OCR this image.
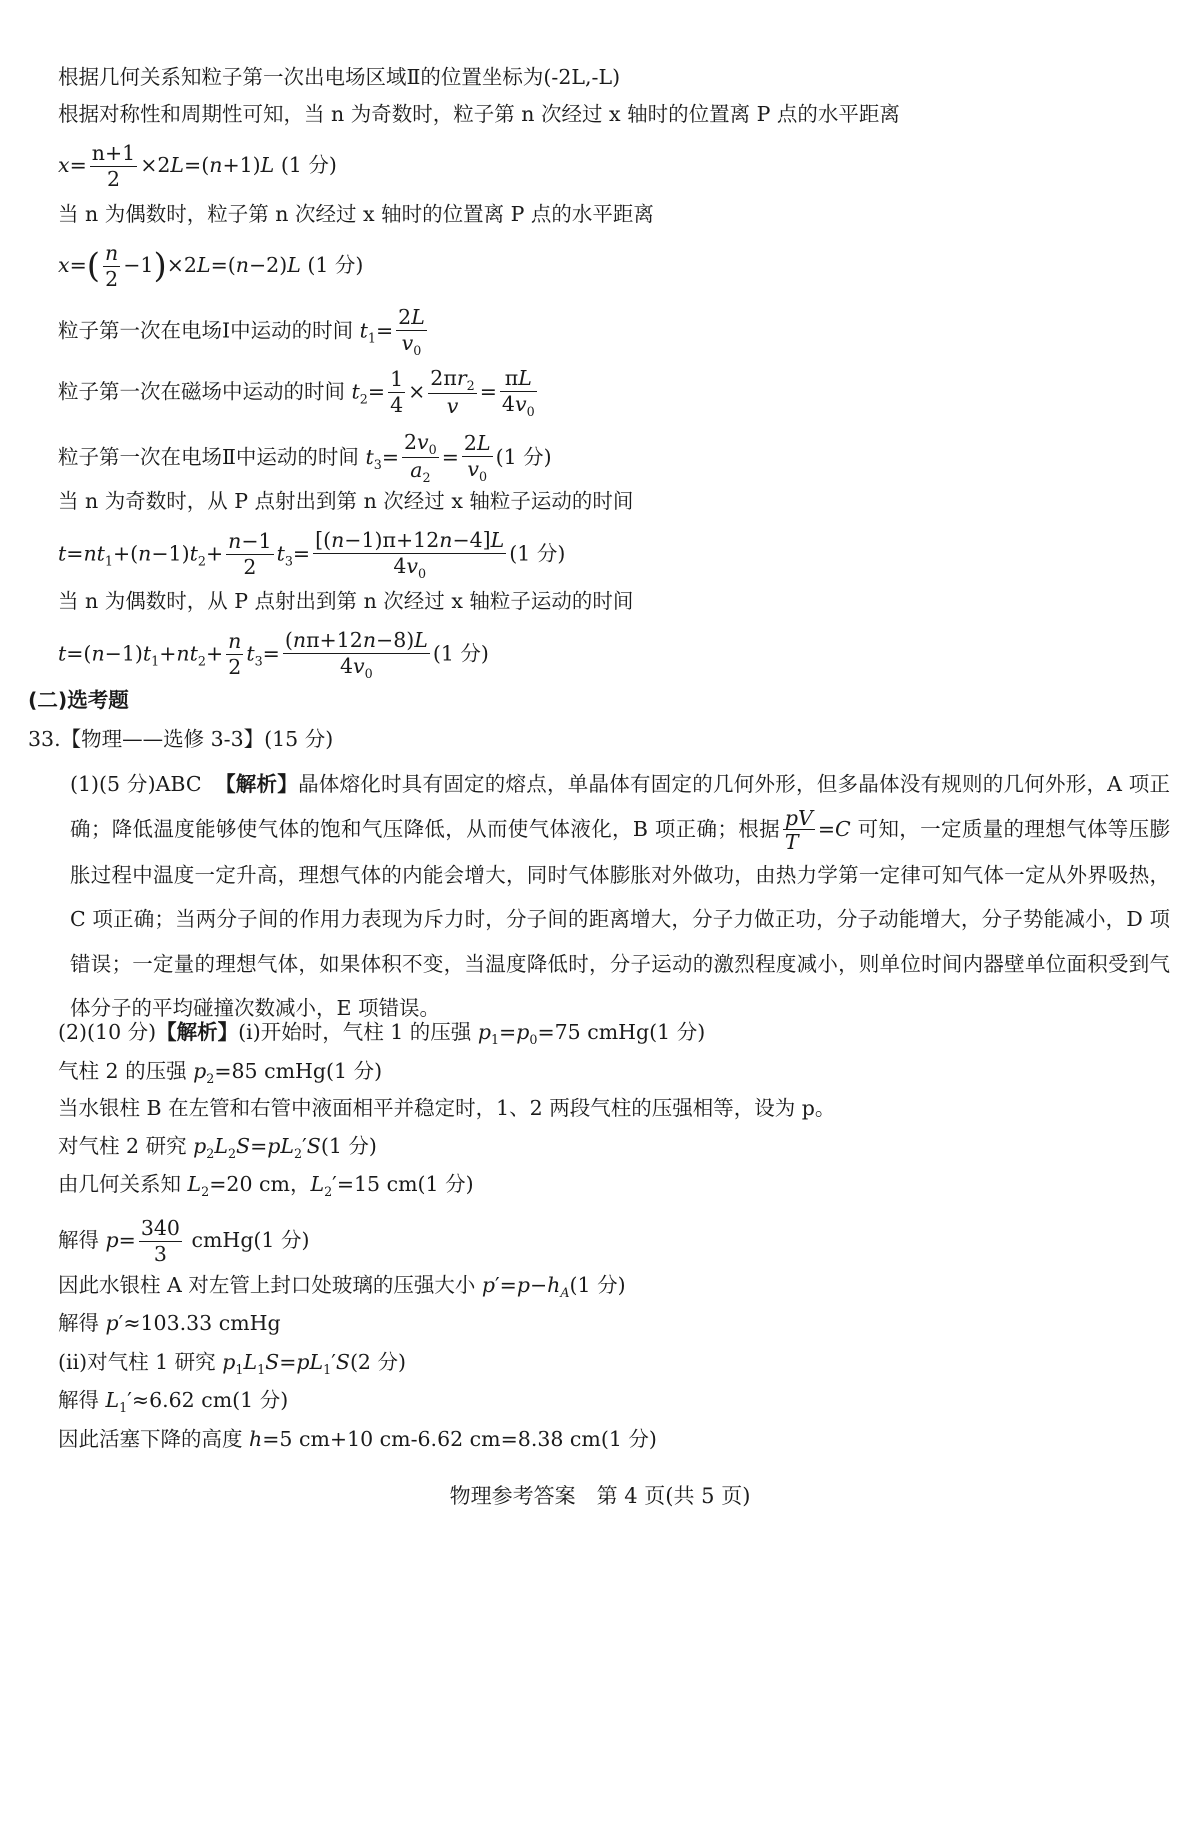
根据几何关系知粒子第一次出电场区域Ⅱ的位置坐标为(-2L,-L)
根据对称性和周期性可知，当 n 为奇数时，粒子第 n 次经过 x 轴时的位置离 P 点的水平距离
$x= \frac{n+1}{2} \times 2L=(n+1)L$ (1 分)
当 n 为偶数时，粒子第 n 次经过 x 轴时的位置离 P 点的水平距离
$x=( \frac{n}{2} -1)\times 2L=(n-2)L$ (1 分)
粒子第一次在电场Ⅰ中运动的时间 $t_1= \frac{2L}{v_0}$
粒子第一次在磁场中运动的时间 $t_2= \frac{1}{4} \times \frac{2\pi r_2}{v} = \frac{\pi L}{4v_0}$
粒子第一次在电场Ⅱ中运动的时间 $t_3= \frac{2v_0}{a_2} = \frac{2L}{v_0} (1$ 分)
当 n 为奇数时，从 P 点射出到第 n 次经过 x 轴粒子运动的时间
$t=nt_1+(n-1)t_2+ \frac{n-1}{2} t_3= \frac{[(n-1)\pi+12n-4]L}{4v_0} (1$ 分)
当 n 为偶数时，从 P 点射出到第 n 次经过 x 轴粒子运动的时间
$t=(n-1)t_1+nt_2+ \frac{n}{2} t_3= \frac{(n\pi+12n-8)L}{4v_0} (1$ 分)
(二)选考题
33.【物理——选修 3-3】(15 分)
(1)(5 分)ABC 【解析】晶体熔化时具有固定的熔点，单晶体有固定的几何外形，但多晶体没有规则的几何外形，A 项正确；降低温度能够使气体的饱和气压降低，从而使气体液化，B 项正确；根据 $\frac{pV}{T} =C$ 可知，一定质量的理想气体等压膨胀过程中温度一定升高，理想气体的内能会增大，同时气体膨胀对外做功，由热力学第一定律可知气体一定从外界吸热，C 项正确；当两分子间的作用力表现为斥力时，分子间的距离增大，分子力做正功，分子动能增大，分子势能减小，D 项错误；一定量的理想气体，如果体积不变，当温度降低时，分子运动的激烈程度减小，则单位时间内器壁单位面积受到气体分子的平均碰撞次数减小，E 项错误。
(2)(10 分)【解析】(ⅰ)开始时，气柱 1 的压强 $p_1=p_0=75$ cmHg(1 分)
气柱 2 的压强 $p_2=85$ cmHg(1 分)
当水银柱 B 在左管和右管中液面相平并稳定时，1、2 两段气柱的压强相等，设为 p。
对气柱 2 研究 $p_2L_2S=pL_2'S(1$ 分)
由几何关系知 $L_2=20$ cm，$L_2'=15$ cm(1 分)
解得 $p= \frac{340}{3}$ cmHg(1 分)
因此水银柱 A 对左管上封口处玻璃的压强大小 $p'=p-h_A(1$ 分)
解得 p′≈103.33 cmHg
(ⅱ)对气柱 1 研究 $p_1L_1S=pL_1'S(2$ 分)
解得 $L_1'\approx 6.62$ cm(1 分)
因此活塞下降的高度 h=5 cm+10 cm-6.62 cm=8.38 cm(1 分)
物理参考答案　第 4 页(共 5 页)
